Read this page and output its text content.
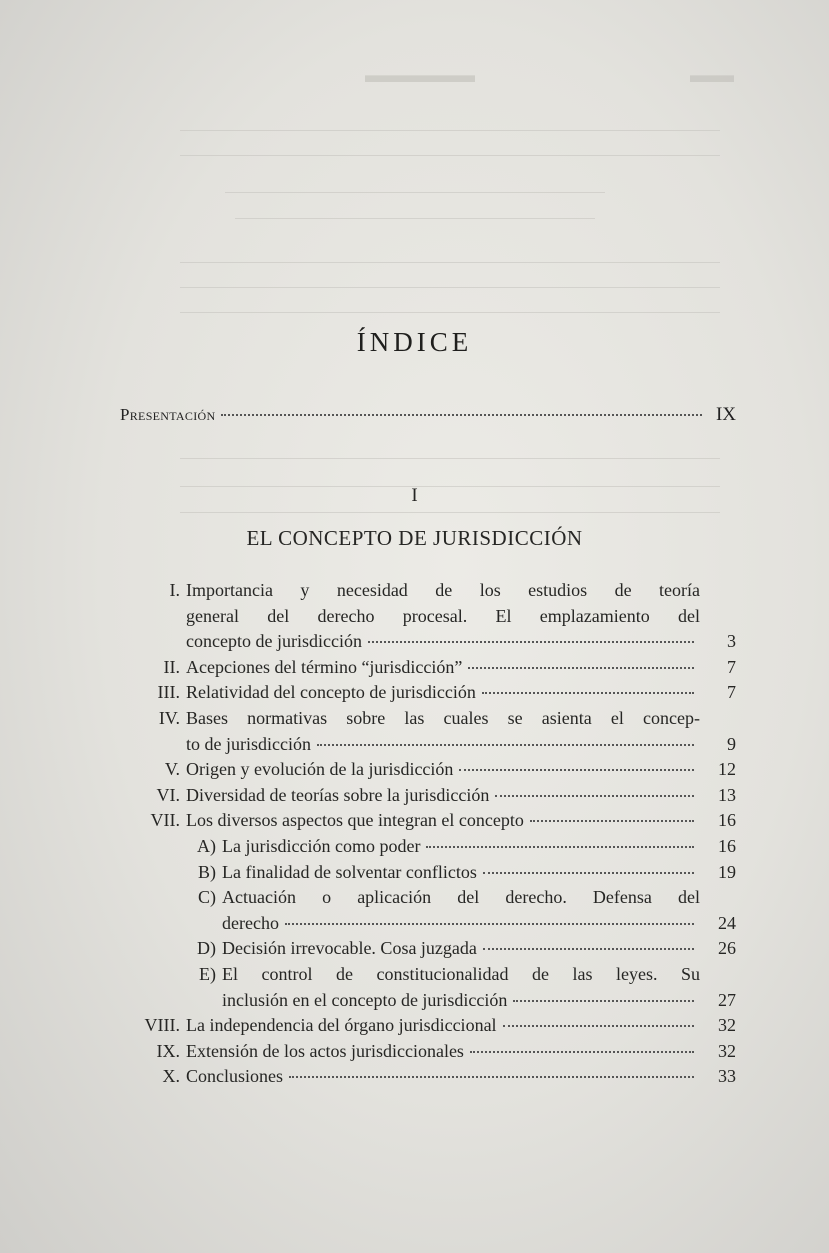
▬▬▬▬▬	▬▬
ÍNDICE
Presentación	IX
I
EL CONCEPTO DE JURISDICCIÓN
I. Importancia y necesidad de los estudios de teoría
general del derecho procesal. El emplazamiento del
concepto de jurisdicción	3
II. Acepciones del término “jurisdicción”	7
III. Relatividad del concepto de jurisdicción	7
IV. Bases normativas sobre las cuales se asienta el concep-
to de jurisdicción	9
V. Origen y evolución de la jurisdicción	12
VI. Diversidad de teorías sobre la jurisdicción	13
VII. Los diversos aspectos que integran el concepto	16
A) La jurisdicción como poder	16
B) La finalidad de solventar conflictos	19
C) Actuación o aplicación del derecho. Defensa del
derecho	24
D) Decisión irrevocable. Cosa juzgada	26
E) El control de constitucionalidad de las leyes. Su
inclusión en el concepto de jurisdicción	27
VIII. La independencia del órgano jurisdiccional	32
IX. Extensión de los actos jurisdiccionales	32
X. Conclusiones	33
